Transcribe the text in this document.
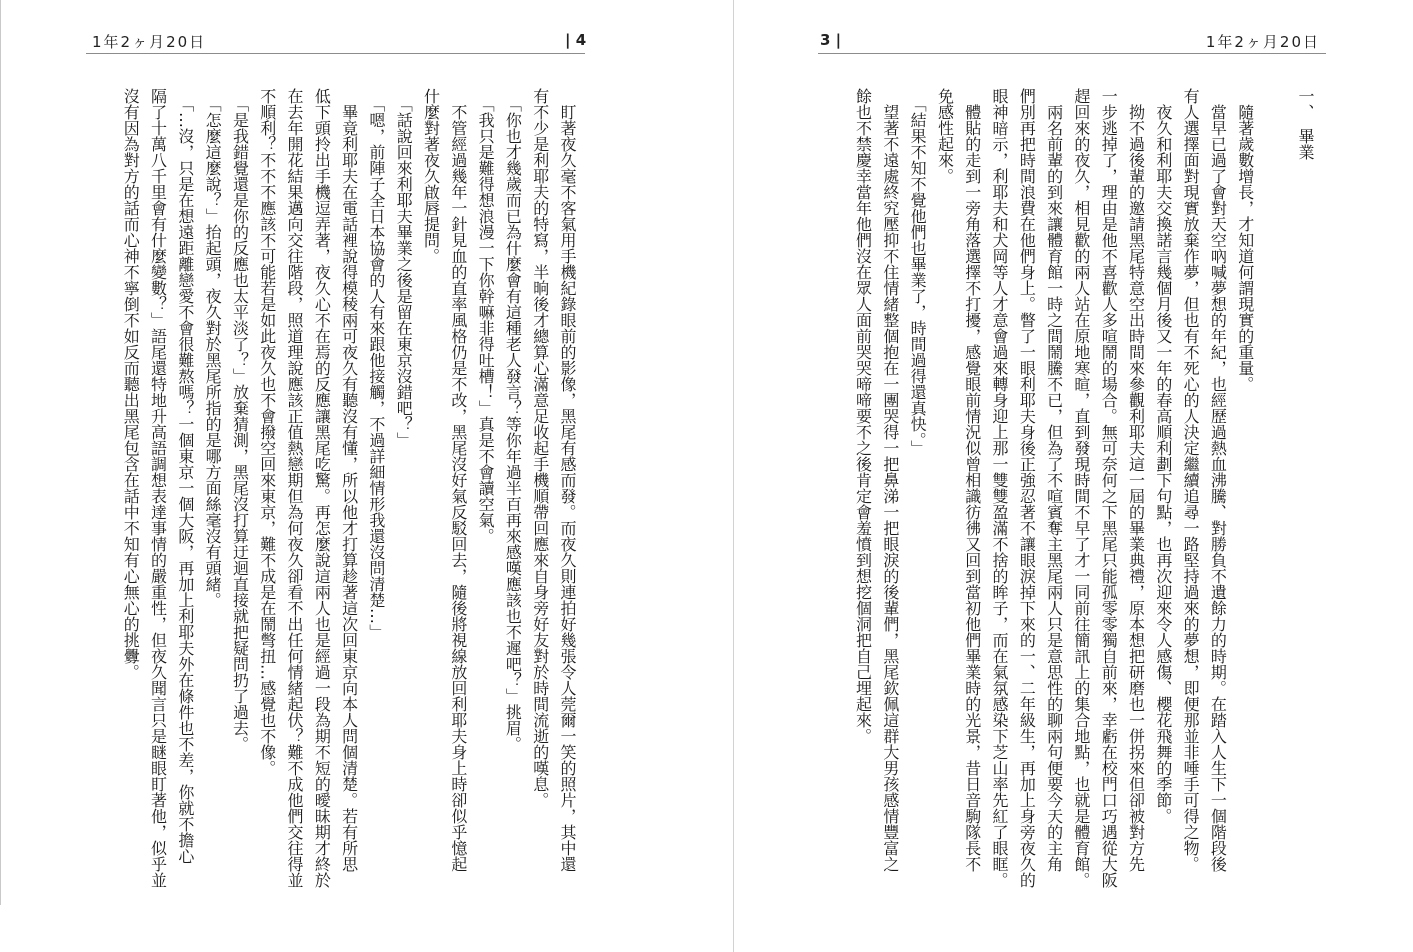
1年2ヶ月20日	| 4
　盯著夜久毫不客氣用手機紀錄眼前的影像，黑尾有感而發。而夜久則連拍好幾張令人莞爾一笑的照片，其中還
有不少是利耶夫的特寫，半晌後才總算心滿意足收起手機順帶回應來自身旁好友對於時間流逝的嘆息。
　「你也才幾歲而已為什麼會有這種老人發言？等你年過半百再來感嘆應該也不遲吧？」挑眉。
　「我只是難得想浪漫一下你幹嘛非得吐槽！」真是不會讀空氣。
　不管經過幾年一針見血的直率風格仍是不改，黑尾沒好氣反駁回去，隨後將視線放回利耶夫身上時卻似乎憶起
什麼對著夜久啟唇提問。
　「話說回來利耶夫畢業之後是留在東京沒錯吧？」
　「嗯，前陣子全日本協會的人有來跟他接觸，不過詳細情形我還沒問清楚…」
　畢竟利耶夫在電話裡說得模稜兩可夜久有聽沒有懂，所以他才打算趁著這次回東京向本人問個清楚。若有所思
低下頭拎出手機逗弄著，夜久心不在焉的反應讓黑尾吃驚。再怎麼說這兩人也是經過一段為期不短的曖昧期才終於
在去年開花結果邁向交往階段，照道理說應該正值熱戀期但為何夜久卻看不出任何情緒起伏？難不成他們交往得並
不順利？不不不應該不可能若是如此夜久也不會撥空回來東京，難不成是在鬧彆扭…感覺也不像。
　「是我錯覺還是你的反應也太平淡了？」放棄猜測，黑尾沒打算迂迴直接就把疑問扔了過去。
　「怎麼這麼說？」抬起頭，夜久對於黑尾所指的是哪方面絲毫沒有頭緒。
　「…沒，只是在想遠距離戀愛不會很難熬嗎？一個東京一個大阪，再加上利耶夫外在條件也不差，你就不擔心
隔了十萬八千里會有什麼變數？」語尾還特地升高語調想表達事情的嚴重性，但夜久聞言只是瞇眼盯著他，似乎並
沒有因為對方的話而心神不寧倒不如反而聽出黑尾包含在話中不知有心無心的挑釁。
3 |	1年2ヶ月20日
一、　畢業
　隨著歲數增長，才知道何謂現實的重量。
　當早已過了會對天空吶喊夢想的年紀，也經歷過熱血沸騰、對勝負不遺餘力的時期。在踏入人生下一個階段後
有人選擇面對現實放棄作夢，但也有不死心的人決定繼續追尋一路堅持過來的夢想，即便那並非唾手可得之物。
　夜久和利耶夫交換諾言幾個月後又一年的春高順利劃下句點，也再次迎來令人感傷、櫻花飛舞的季節。
　拗不過後輩的邀請黑尾特意空出時間來參觀利耶夫這一屆的畢業典禮，原本想把研磨也一併拐來但卻被對方先
一步逃掉了，理由是他不喜歡人多喧鬧的場合。無可奈何之下黑尾只能孤零零獨自前來，幸虧在校門口巧遇從大阪
趕回來的夜久，相見歡的兩人站在原地寒暄，直到發現時間不早了才一同前往簡訊上的集合地點，也就是體育館。
　兩名前輩的到來讓體育館一時之間鬧騰不已，但為了不喧賓奪主黑尾兩人只是意思性的聊兩句便要今天的主角
們別再把時間浪費在他們身上。瞥了一眼利耶夫身後正強忍著不讓眼淚掉下來的一、二年級生，再加上身旁夜久的
眼神暗示，利耶夫和犬岡等人才意會過來轉身迎上那一雙雙盈滿不捨的眸子，而在氣氛感染下芝山率先紅了眼眶。
　體貼的走到一旁角落選擇不打擾，感覺眼前情況似曾相識彷彿又回到當初他們畢業時的光景，昔日音駒隊長不
免感性起來。
　「結果不知不覺他們也畢業了，時間過得還真快。」
　望著不遠處終究壓抑不住情緒整個抱在一團哭得一把鼻涕一把眼淚的後輩們，黑尾欽佩這群大男孩感情豐富之
餘也不禁慶幸當年他們沒在眾人面前哭哭啼啼要不之後肯定會羞憤到想挖個洞把自己埋起來。
